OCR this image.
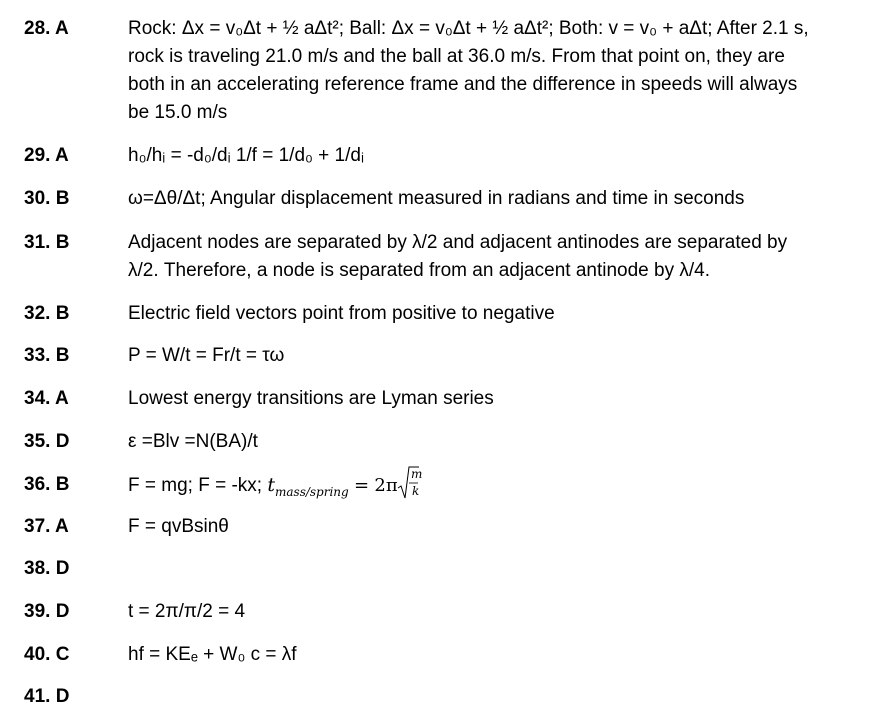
28. A	Rock: Δx = v₀Δt + ½ aΔt²; Ball: Δx = v₀Δt + ½ aΔt²; Both: v = v₀ + aΔt; After 2.1 s,
rock is traveling 21.0 m/s and the ball at 36.0 m/s. From that point on, they are
both in an accelerating reference frame and the difference in speeds will always
be 15.0 m/s
29. A	h₀/hᵢ = -d₀/dᵢ 1/f = 1/d₀ + 1/dᵢ
30. B	ω=Δθ/Δt; Angular displacement measured in radians and time in seconds
31. B	Adjacent nodes are separated by λ/2 and adjacent antinodes are separated by
λ/2. Therefore, a node is separated from an adjacent antinode by λ/4.
32. B	Electric field vectors point from positive to negative
33. B	P = W/t = Fr/t = τω
34. A	Lowest energy transitions are Lyman series
35. D	ε =Blv =N(BA)/t
36. B	F = mg; F = -kx; $t_{mass/spring} = 2\pi$
m
k
37. A	F = qvBsinθ
38. D
39. D	t = 2π/π/2 = 4
40. C	hf = KEₑ + W₀ c = λf
41. D
